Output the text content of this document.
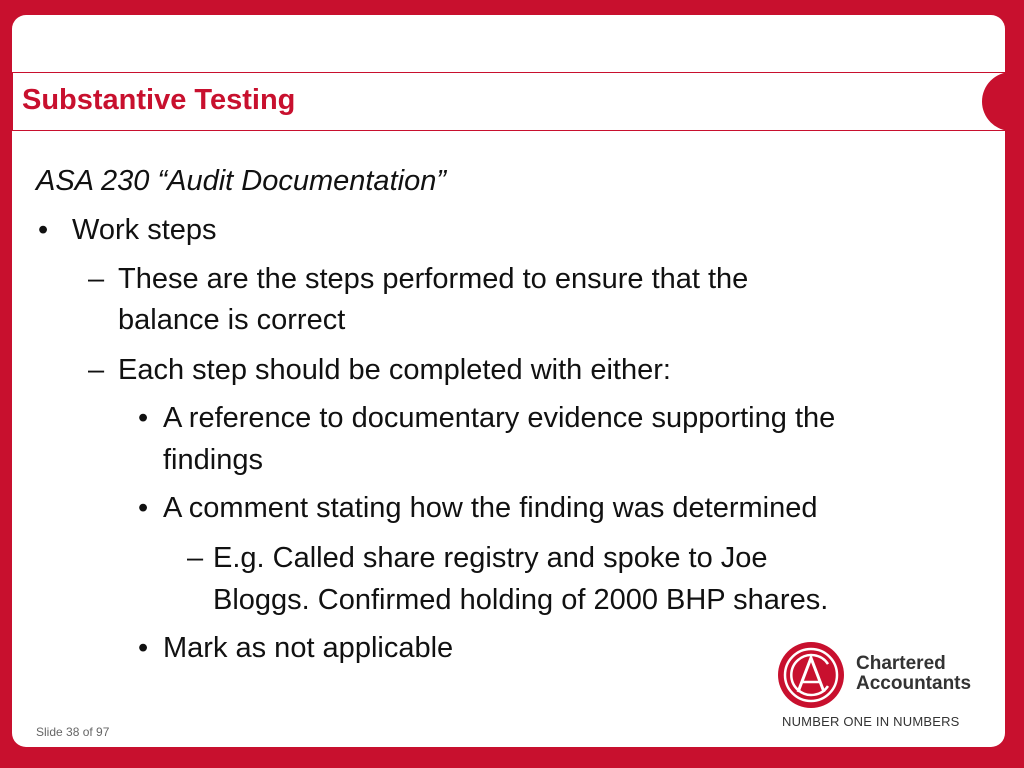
Substantive Testing
ASA 230 “Audit Documentation”
• Work steps
– These are the steps performed to ensure that the
balance is correct
– Each step should be completed with either:
• A reference to documentary evidence supporting the
findings
• A comment stating how the finding was determined
– E.g. Called share registry and spoke to Joe
Bloggs. Confirmed holding of 2000 BHP shares.
• Mark as not applicable	Chartered
Accountants
NUMBER ONE IN NUMBERS
Slide 38 of 97
